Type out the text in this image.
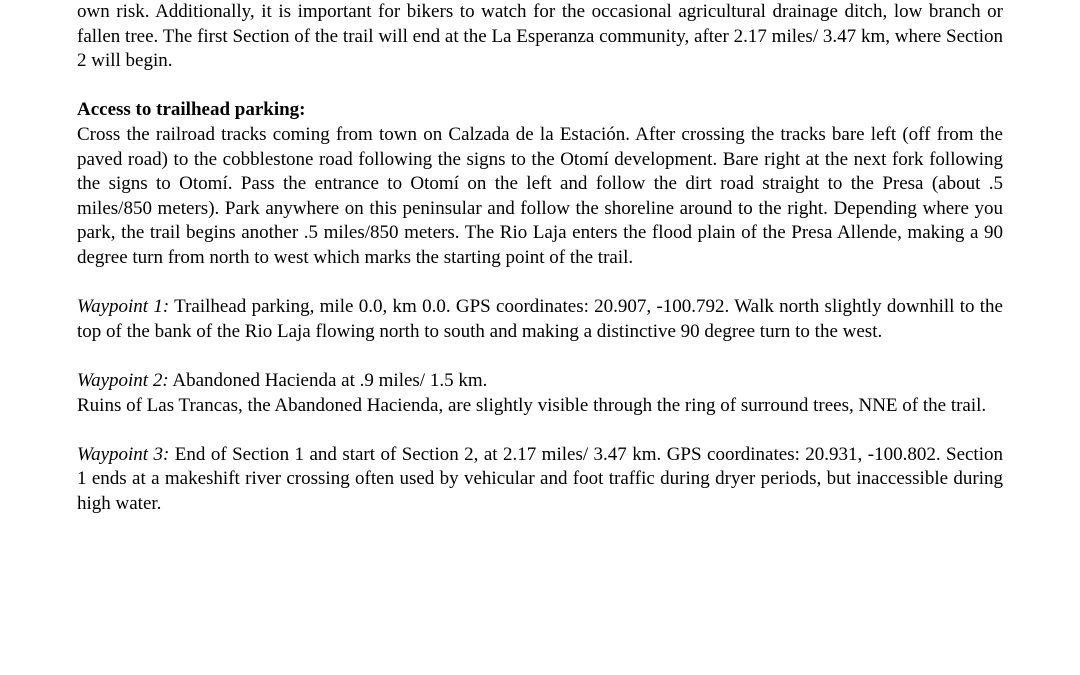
own risk. Additionally, it is important for bikers to watch for the occasional agricultural drainage ditch, low branch or fallen tree. The first Section of the trail will end at the La Esperanza community, after 2.17 miles/ 3.47 km, where Section 2 will begin.

Access to trailhead parking:

Cross the railroad tracks coming from town on Calzada de la Estación. After crossing the tracks bare left (off from the paved road) to the cobblestone road following the signs to the Otomí development. Bare right at the next fork following the signs to Otomí. Pass the entrance to Otomí on the left and follow the dirt road straight to the Presa (about .5 miles/850 meters). Park anywhere on this peninsular and follow the shoreline around to the right. Depending where you park, the trail begins another .5 miles/850 meters. The Rio Laja enters the flood plain of the Presa Allende, making a 90 degree turn from north to west which marks the starting point of the trail.

Waypoint 1: Trailhead parking, mile 0.0, km 0.0. GPS coordinates: 20.907, -100.792. Walk north slightly downhill to the top of the bank of the Rio Laja flowing north to south and making a distinctive 90 degree turn to the west.

Waypoint 2: Abandoned Hacienda at .9 miles/ 1.5 km.

Ruins of Las Trancas, the Abandoned Hacienda, are slightly visible through the ring of surround trees, NNE of the trail.

Waypoint 3: End of Section 1 and start of Section 2, at 2.17 miles/ 3.47 km. GPS coordinates: 20.931, -100.802. Section 1 ends at a makeshift river crossing often used by vehicular and foot traffic during dryer periods, but inaccessible during high water.
